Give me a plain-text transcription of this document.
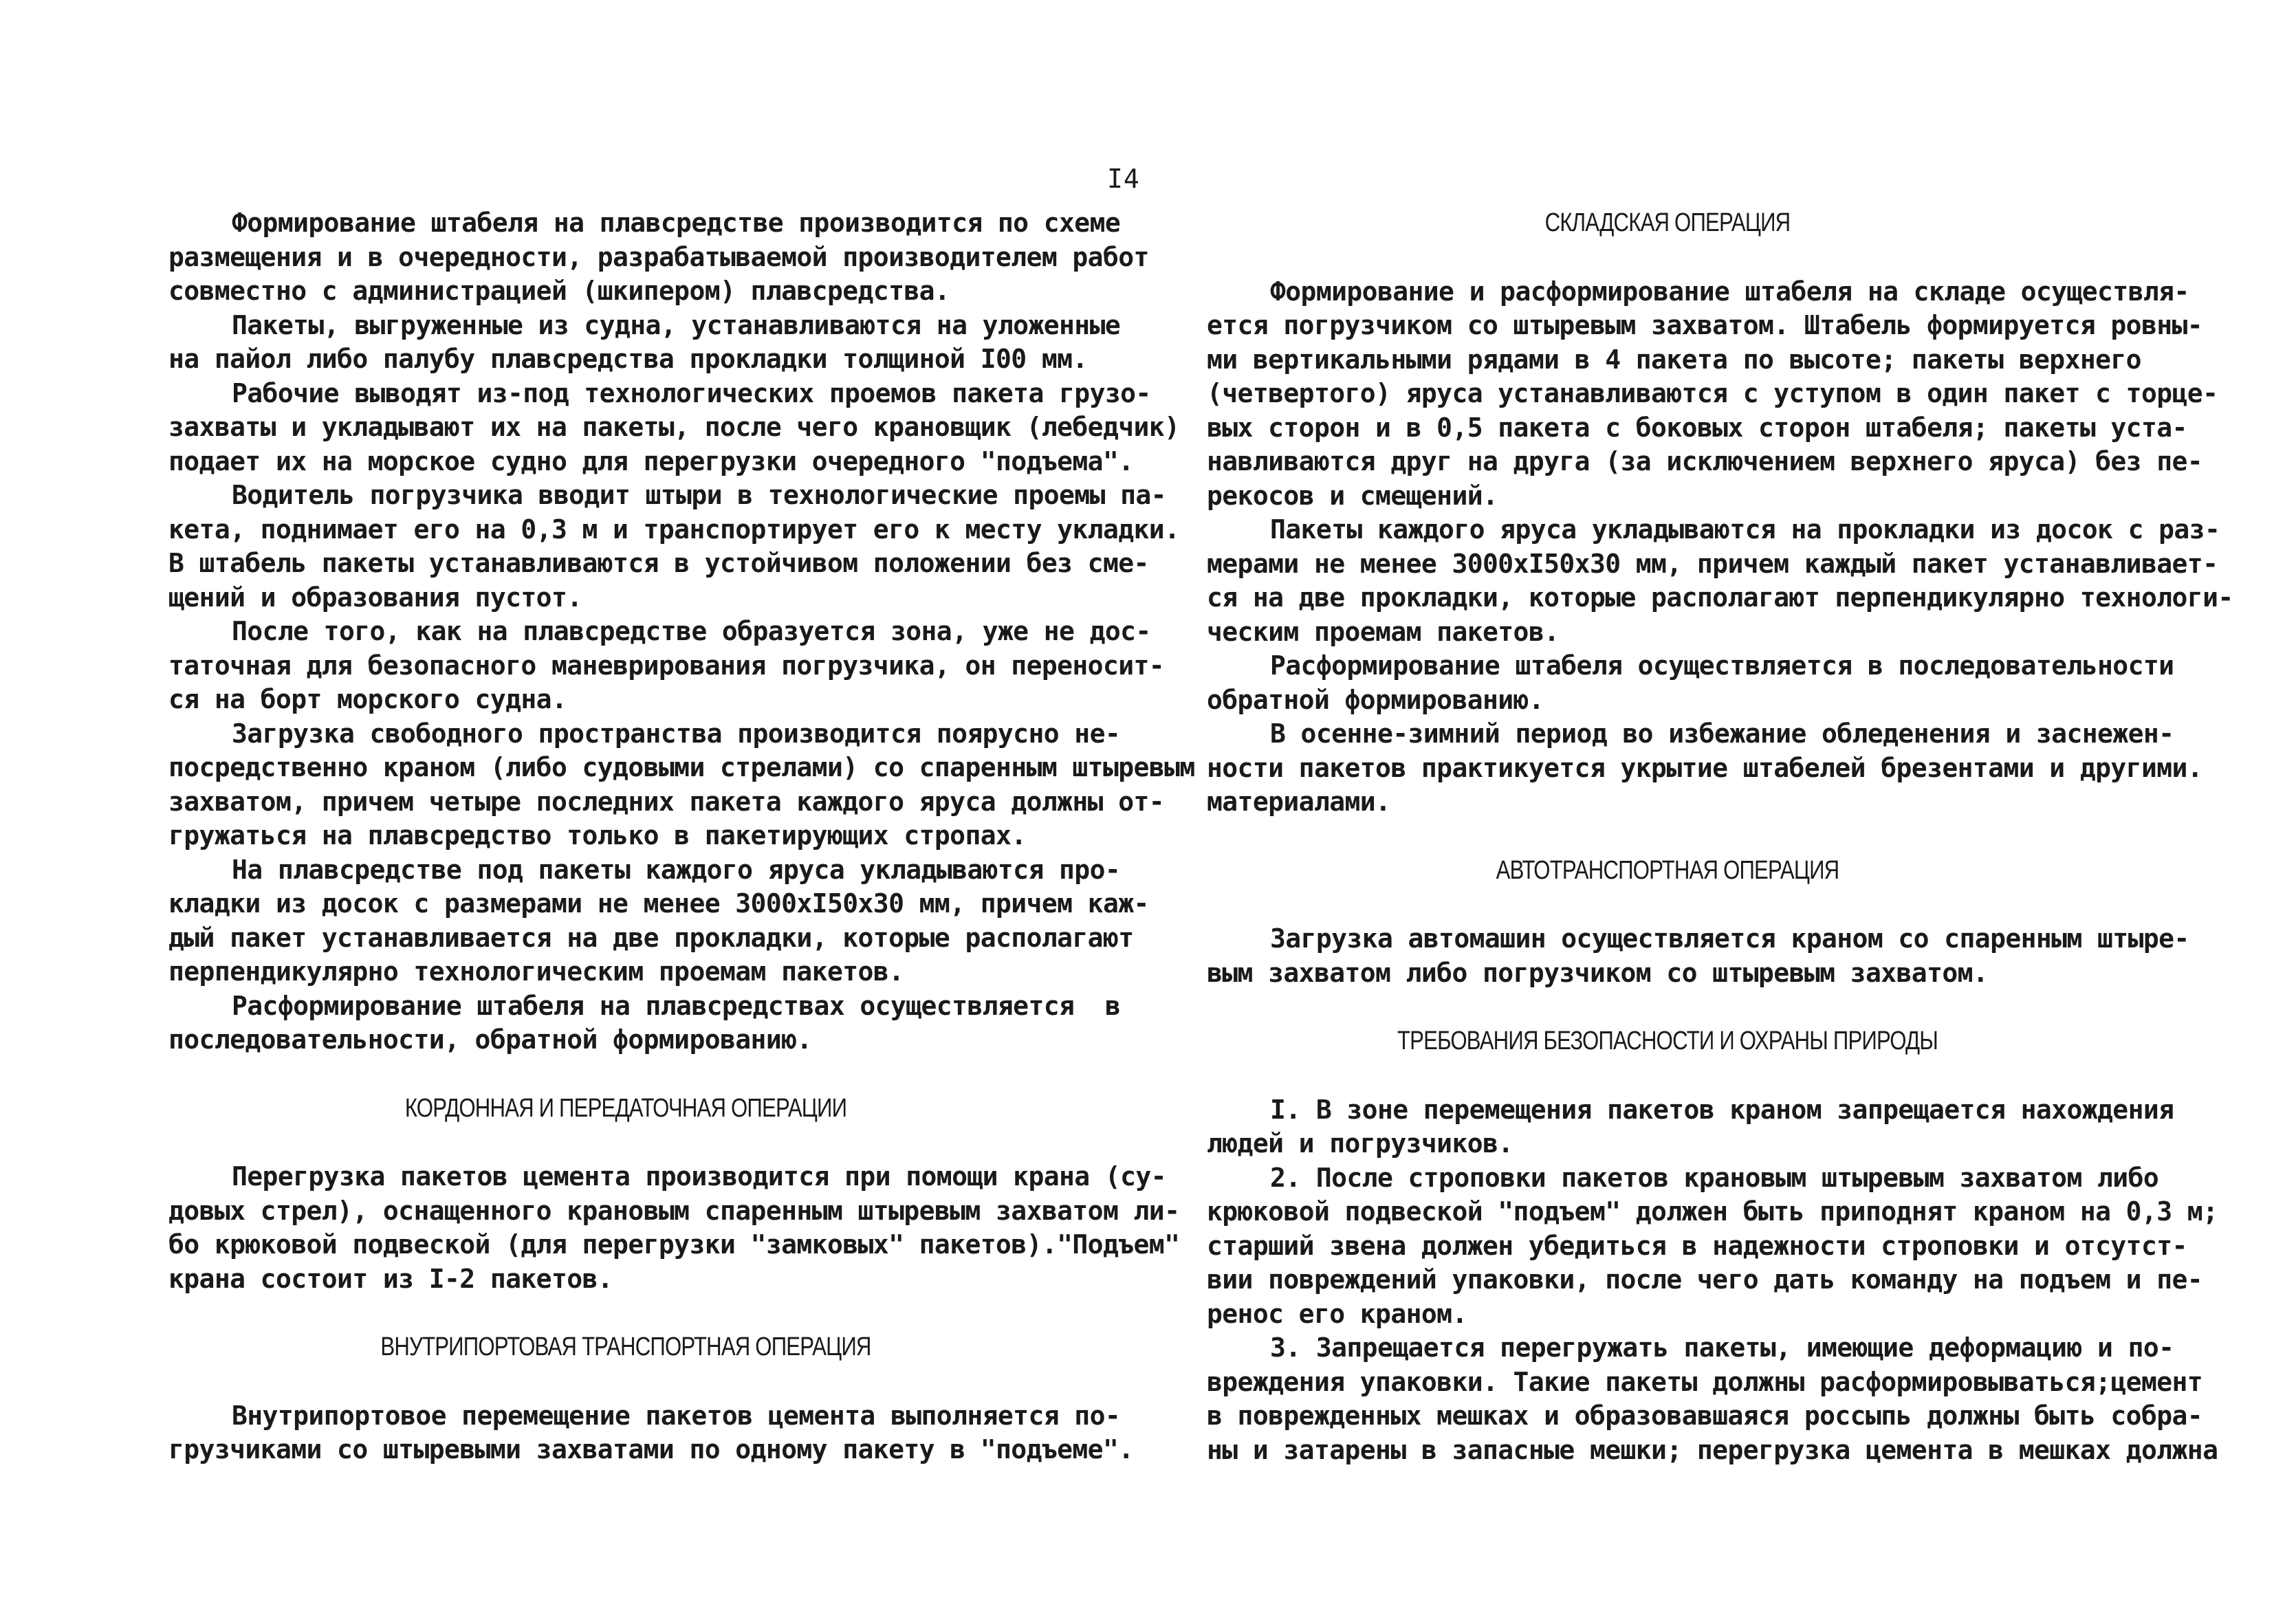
I4
Формирование штабеля на плавсредстве производится по схеме
размещения и в очередности, разрабатываемой производителем работ
совместно с администрацией (шкипером) плавсредства.
Пакеты, выгруженные из судна, устанавливаются на уложенные
на пайол либо палубу плавсредства прокладки толщиной I00 мм.
Рабочие выводят из-под технологических проемов пакета грузо-
захваты и укладывают их на пакеты, после чего крановщик (лебедчик)
подает их на морское судно для перегрузки очередного "подъема".
Водитель погрузчика вводит штыри в технологические проемы па-
кета, поднимает его на 0,3 м и транспортирует его к месту укладки.
В штабель пакеты устанавливаются в устойчивом положении без сме-
щений и образования пустот.
После того, как на плавсредстве образуется зона, уже не дос-
таточная для безопасного маневрирования погрузчика, он переносит-
ся на борт морского судна.
Загрузка свободного пространства производится поярусно не-
посредственно краном (либо судовыми стрелами) со спаренным штыревым
захватом, причем четыре последних пакета каждого яруса должны от-
гружаться на плавсредство только в пакетирующих стропах.
На плавсредстве под пакеты каждого яруса укладываются про-
кладки из досок с размерами не менее 3000хI50х30 мм, причем каж-
дый пакет устанавливается на две прокладки, которые располагают
перпендикулярно технологическим проемам пакетов.
Расформирование штабеля на плавсредствах осуществляется  в
последовательности, обратной формированию.
КОРДОННАЯ И ПЕРЕДАТОЧНАЯ ОПЕРАЦИИ
Перегрузка пакетов цемента производится при помощи крана (су-
довых стрел), оснащенного крановым спаренным штыревым захватом ли-
бо крюковой подвеской (для перегрузки "замковых" пакетов)."Подъем"
крана состоит из I-2 пакетов.
ВНУТРИПОРТОВАЯ ТРАНСПОРТНАЯ ОПЕРАЦИЯ
Внутрипортовое перемещение пакетов цемента выполняется по-
грузчиками со штыревыми захватами по одному пакету в "подъеме".
СКЛАДСКАЯ ОПЕРАЦИЯ
Формирование и расформирование штабеля на складе осуществля-
ется погрузчиком со штыревым захватом. Штабель формируется ровны-
ми вертикальными рядами в 4 пакета по высоте; пакеты верхнего
(четвертого) яруса устанавливаются с уступом в один пакет с торце-
вых сторон и в 0,5 пакета с боковых сторон штабеля; пакеты уста-
навливаются друг на друга (за исключением верхнего яруса) без пе-
рекосов и смещений.
Пакеты каждого яруса укладываются на прокладки из досок с раз-
мерами не менее 3000хI50х30 мм, причем каждый пакет устанавливает-
ся на две прокладки, которые располагают перпендикулярно технологи-
ческим проемам пакетов.
Расформирование штабеля осуществляется в последовательности
обратной формированию.
В осенне-зимний период во избежание обледенения и заснежен-
ности пакетов практикуется укрытие штабелей брезентами и другими.
материалами.
АВТОТРАНСПОРТНАЯ ОПЕРАЦИЯ
Загрузка автомашин осуществляется краном со спаренным штыре-
вым захватом либо погрузчиком со штыревым захватом.
ТРЕБОВАНИЯ БЕЗОПАСНОСТИ И ОХРАНЫ ПРИРОДЫ
I. В зоне перемещения пакетов краном запрещается нахождения
людей и погрузчиков.
2. После строповки пакетов крановым штыревым захватом либо
крюковой подвеской "подъем" должен быть приподнят краном на 0,3 м;
старший звена должен убедиться в надежности строповки и отсутст-
вии повреждений упаковки, после чего дать команду на подъем и пе-
ренос его краном.
3. Запрещается перегружать пакеты, имеющие деформацию и по-
вреждения упаковки. Такие пакеты должны расформировываться;цемент
в поврежденных мешках и образовавшаяся россыпь должны быть собра-
ны и затарены в запасные мешки; перегрузка цемента в мешках должна
